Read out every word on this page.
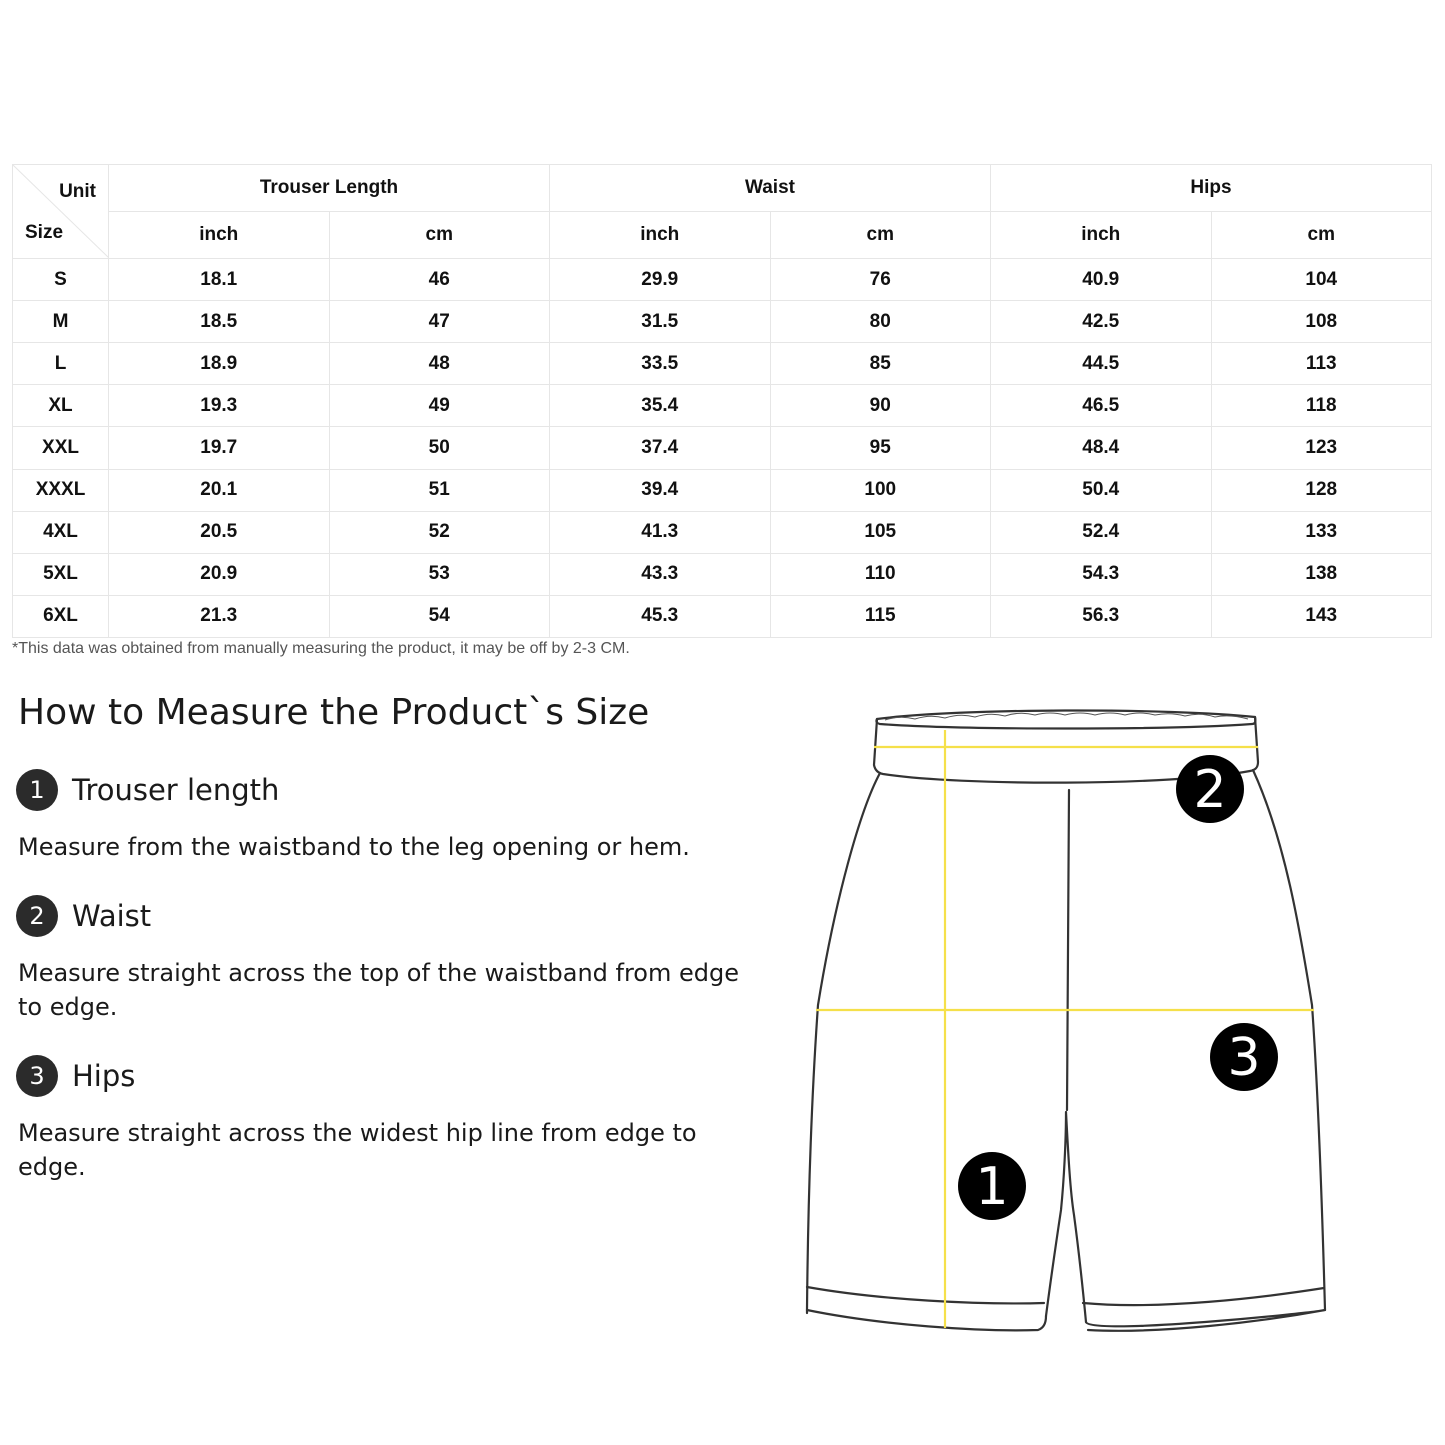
Unit
Size	Trouser Length		Waist		Hips	
	inch	cm	inch	cm	inch	cm
S	18.1	46	29.9	76	40.9	104
M	18.5	47	31.5	80	42.5	108
L	18.9	48	33.5	85	44.5	113
XL	19.3	49	35.4	90	46.5	118
XXL	19.7	50	37.4	95	48.4	123
XXXL	20.1	51	39.4	100	50.4	128
4XL	20.5	52	41.3	105	52.4	133
5XL	20.9	53	43.3	110	54.3	138
6XL	21.3	54	45.3	115	56.3	143
*This data was obtained from manually measuring the product, it may be off by 2-3 CM.
How to Measure the Product`s Size
1 Trouser length
Measure from the waistband to the leg opening or hem.
2 Waist
Measure straight across the top of the waistband from edge to edge.
3 Hips
Measure straight across the widest hip line from edge to edge.	1
2
3
